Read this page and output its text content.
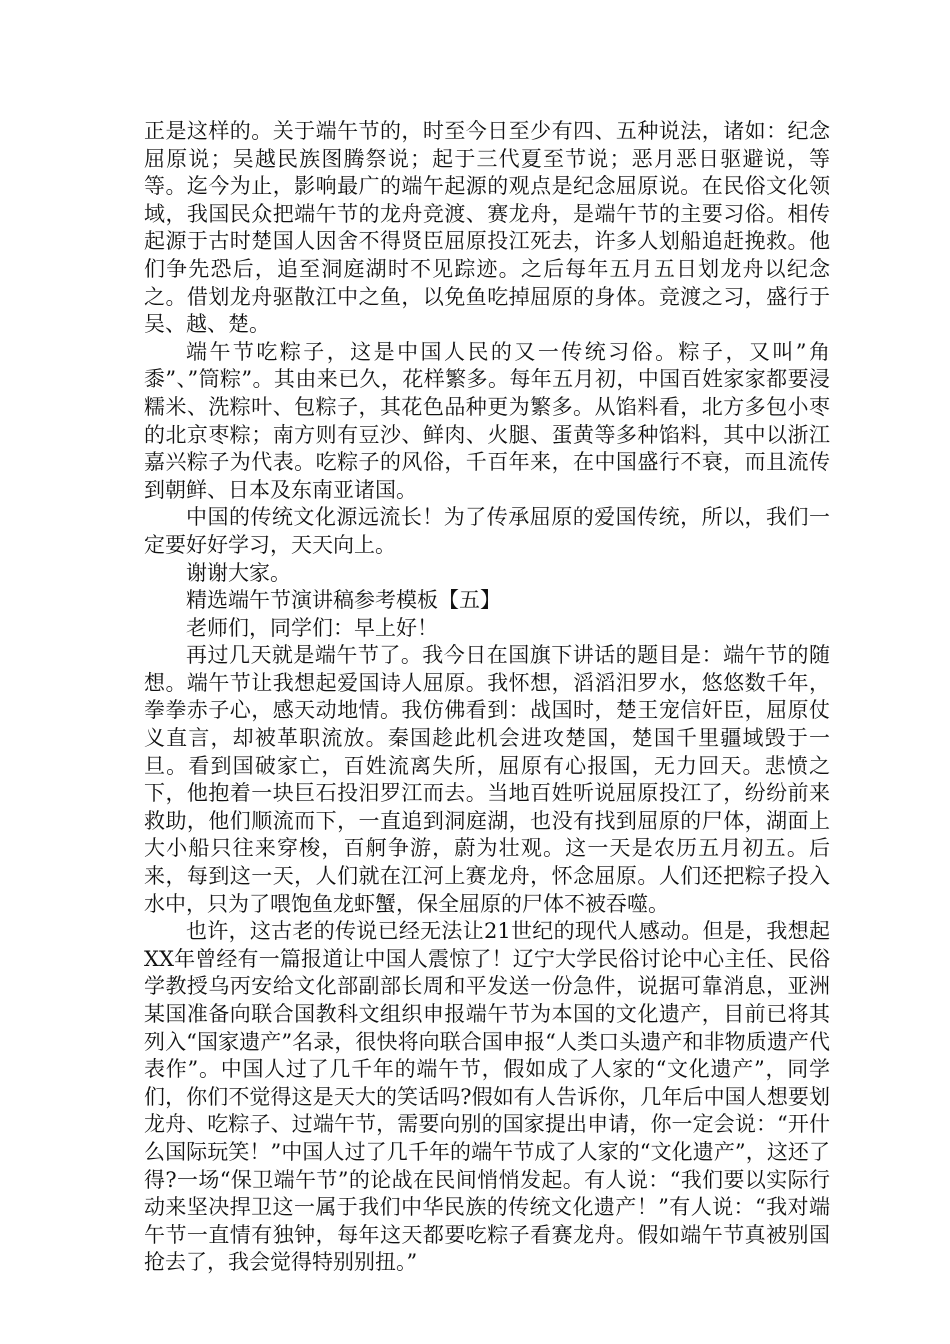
正是这样的。关于端午节的，时至今日至少有四、五种说法，诸如：纪念屈原说；吴越民族图腾祭说；起于三代夏至节说；恶月恶日驱避说，等等。迄今为止，影响最广的端午起源的观点是纪念屈原说。在民俗文化领域，我国民众把端午节的龙舟竞渡、赛龙舟，是端午节的主要习俗。相传起源于古时楚国人因舍不得贤臣屈原投江死去，许多人划船追赶挽救。他们争先恐后，追至洞庭湖时不见踪迹。之后每年五月五日划龙舟以纪念之。借划龙舟驱散江中之鱼，以免鱼吃掉屈原的身体。竞渡之习，盛行于吴、越、楚。

端午节吃粽子，这是中国人民的又一传统习俗。粽子，又叫”角黍”、”筒粽”。其由来已久，花样繁多。每年五月初，中国百姓家家都要浸糯米、洗粽叶、包粽子，其花色品种更为繁多。从馅料看，北方多包小枣的北京枣粽；南方则有豆沙、鲜肉、火腿、蛋黄等多种馅料，其中以浙江嘉兴粽子为代表。吃粽子的风俗，千百年来，在中国盛行不衰，而且流传到朝鲜、日本及东南亚诸国。

中国的传统文化源远流长！为了传承屈原的爱国传统，所以，我们一定要好好学习，天天向上。

谢谢大家。

精选端午节演讲稿参考模板【五】

老师们，同学们：早上好！

再过几天就是端午节了。我今日在国旗下讲话的题目是：端午节的随想。端午节让我想起爱国诗人屈原。我怀想，滔滔汨罗水，悠悠数千年，拳拳赤子心，感天动地情。我仿佛看到：战国时，楚王宠信奸臣，屈原仗义直言，却被革职流放。秦国趁此机会进攻楚国，楚国千里疆域毁于一旦。看到国破家亡，百姓流离失所，屈原有心报国，无力回天。悲愤之下，他抱着一块巨石投汨罗江而去。当地百姓听说屈原投江了，纷纷前来救助，他们顺流而下，一直追到洞庭湖，也没有找到屈原的尸体，湖面上大小船只往来穿梭，百舸争游，蔚为壮观。这一天是农历五月初五。后来，每到这一天，人们就在江河上赛龙舟，怀念屈原。人们还把粽子投入水中，只为了喂饱鱼龙虾蟹，保全屈原的尸体不被吞噬。

也许，这古老的传说已经无法让21世纪的现代人感动。但是，我想起XX年曾经有一篇报道让中国人震惊了！辽宁大学民俗讨论中心主任、民俗学教授乌丙安给文化部副部长周和平发送一份急件，说据可靠消息，亚洲某国准备向联合国教科文组织申报端午节为本国的文化遗产，目前已将其列入“国家遗产”名录，很快将向联合国申报“人类口头遗产和非物质遗产代表作”。中国人过了几千年的端午节，假如成了人家的“文化遗产”，同学们，你们不觉得这是天大的笑话吗?假如有人告诉你，几年后中国人想要划龙舟、吃粽子、过端午节，需要向别的国家提出申请，你一定会说：“开什么国际玩笑！”中国人过了几千年的端午节成了人家的“文化遗产”，这还了得?一场“保卫端午节”的论战在民间悄悄发起。有人说：“我们要以实际行动来坚决捍卫这一属于我们中华民族的传统文化遗产！”有人说：“我对端午节一直情有独钟，每年这天都要吃粽子看赛龙舟。假如端午节真被别国抢去了，我会觉得特别别扭。”
